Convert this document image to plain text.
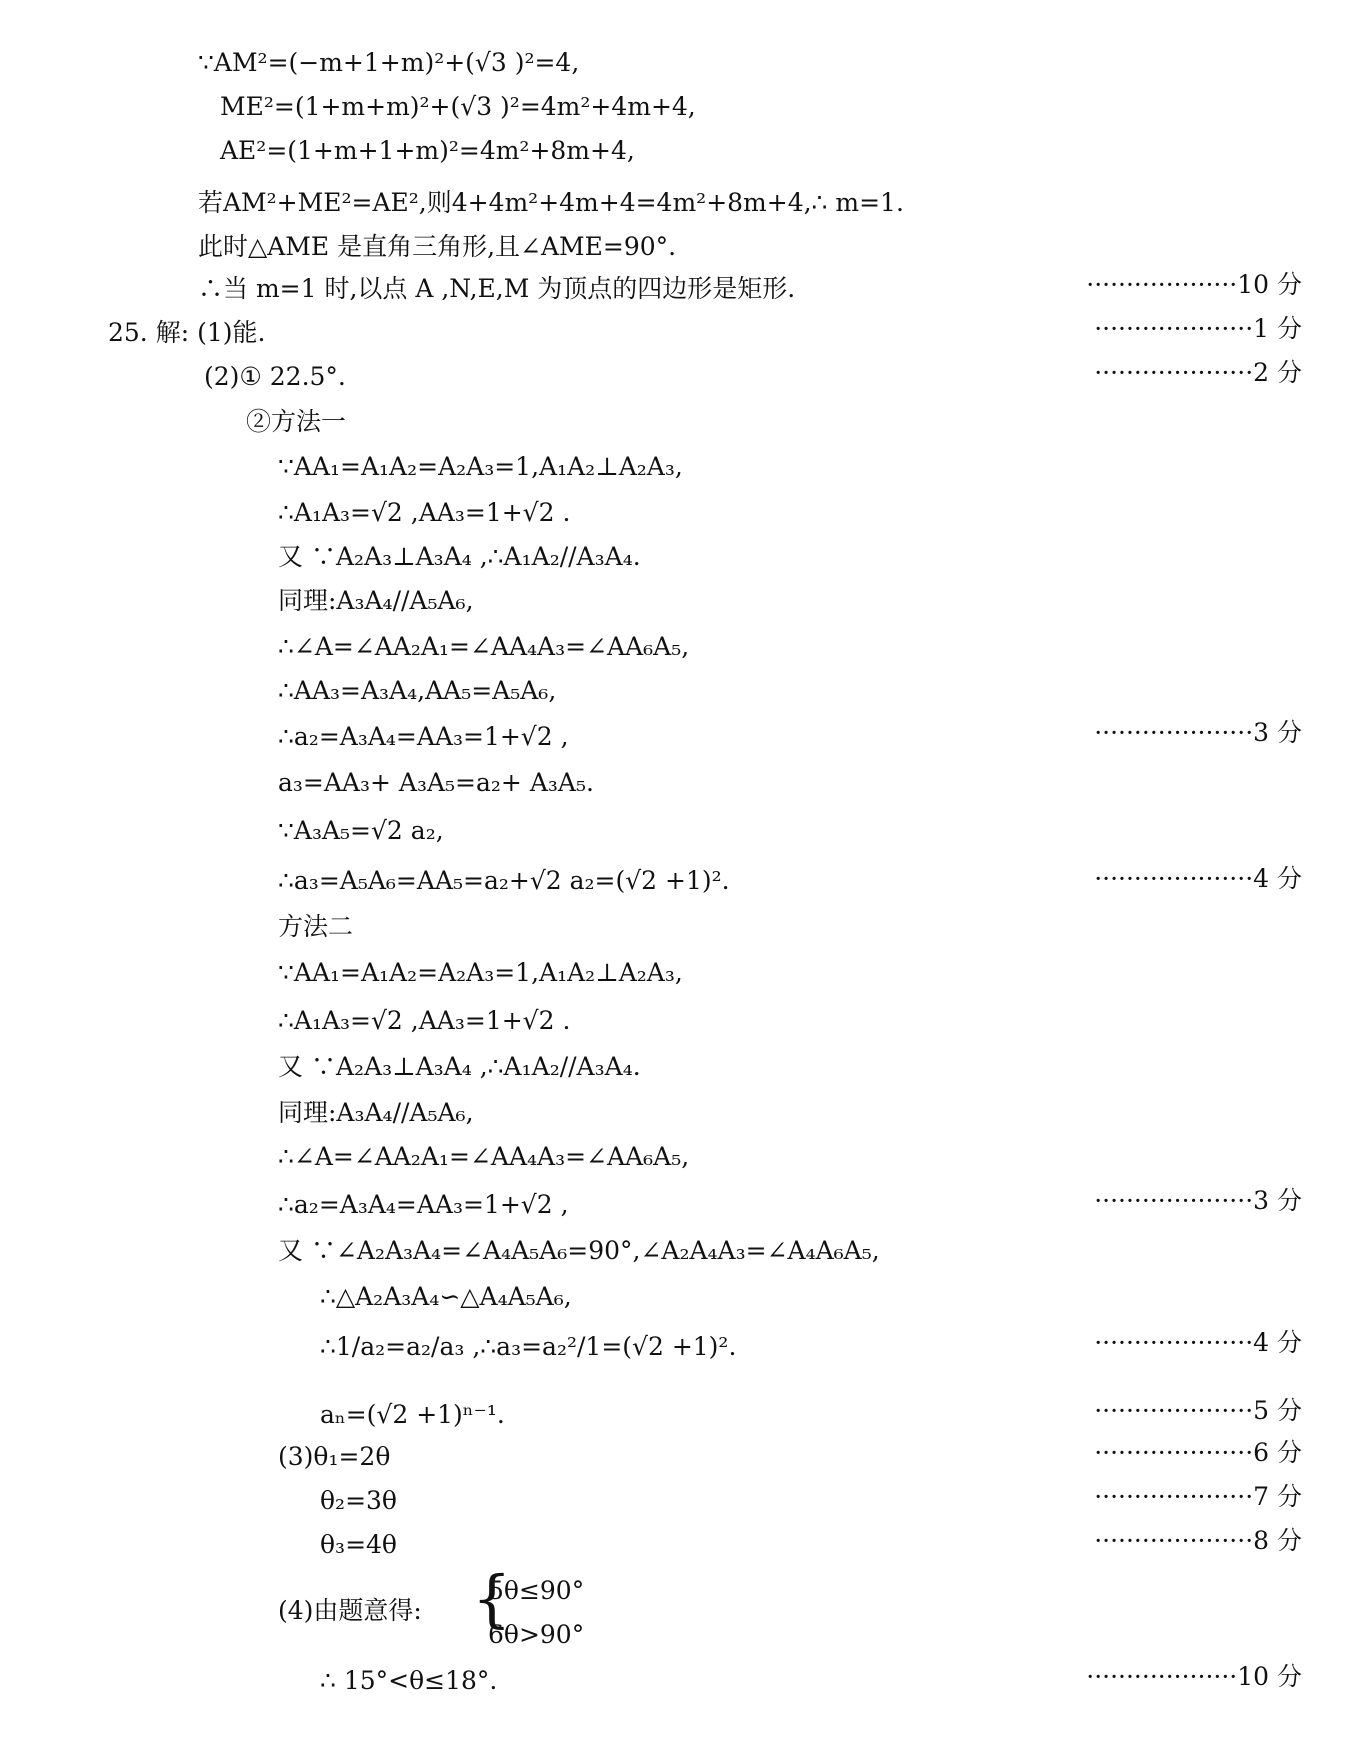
∵AM²=(−m+1+m)²+(√3 )²=4,
ME²=(1+m+m)²+(√3 )²=4m²+4m+4,
AE²=(1+m+1+m)²=4m²+8m+4,
若AM²+ME²=AE²,则4+4m²+4m+4=4m²+8m+4,∴ m=1.
此时△AME 是直角三角形,且∠AME=90°.
∴当 m=1 时,以点 A ,N,E,M 为顶点的四边形是矩形.	···················10 分
25. 解: (1)能.	····················1 分
(2)① 22.5°.	····················2 分
②方法一
∵AA₁=A₁A₂=A₂A₃=1,A₁A₂⊥A₂A₃,
∴A₁A₃=√2 ,AA₃=1+√2 .
又 ∵A₂A₃⊥A₃A₄ ,∴A₁A₂//A₃A₄.
同理:A₃A₄//A₅A₆,
∴∠A=∠AA₂A₁=∠AA₄A₃=∠AA₆A₅,
∴AA₃=A₃A₄,AA₅=A₅A₆,
∴a₂=A₃A₄=AA₃=1+√2 ,	····················3 分
a₃=AA₃+ A₃A₅=a₂+ A₃A₅.
∵A₃A₅=√2 a₂,
∴a₃=A₅A₆=AA₅=a₂+√2 a₂=(√2 +1)².	····················4 分
方法二
∵AA₁=A₁A₂=A₂A₃=1,A₁A₂⊥A₂A₃,
∴A₁A₃=√2 ,AA₃=1+√2 .
又 ∵A₂A₃⊥A₃A₄ ,∴A₁A₂//A₃A₄.
同理:A₃A₄//A₅A₆,
∴∠A=∠AA₂A₁=∠AA₄A₃=∠AA₆A₅,
∴a₂=A₃A₄=AA₃=1+√2 ,	····················3 分
又 ∵∠A₂A₃A₄=∠A₄A₅A₆=90°,∠A₂A₄A₃=∠A₄A₆A₅,
∴△A₂A₃A₄∽△A₄A₅A₆,
∴1/a₂=a₂/a₃ ,∴a₃=a₂²/1=(√2 +1)².	····················4 分
aₙ=(√2 +1)ⁿ⁻¹.	····················5 分
(3)θ₁=2θ	····················6 分
θ₂=3θ	····················7 分
θ₃=4θ	····················8 分
(4)由题意得: {
5θ≤90°
6θ>90°
∴ 15°<θ≤18°.	···················10 分
